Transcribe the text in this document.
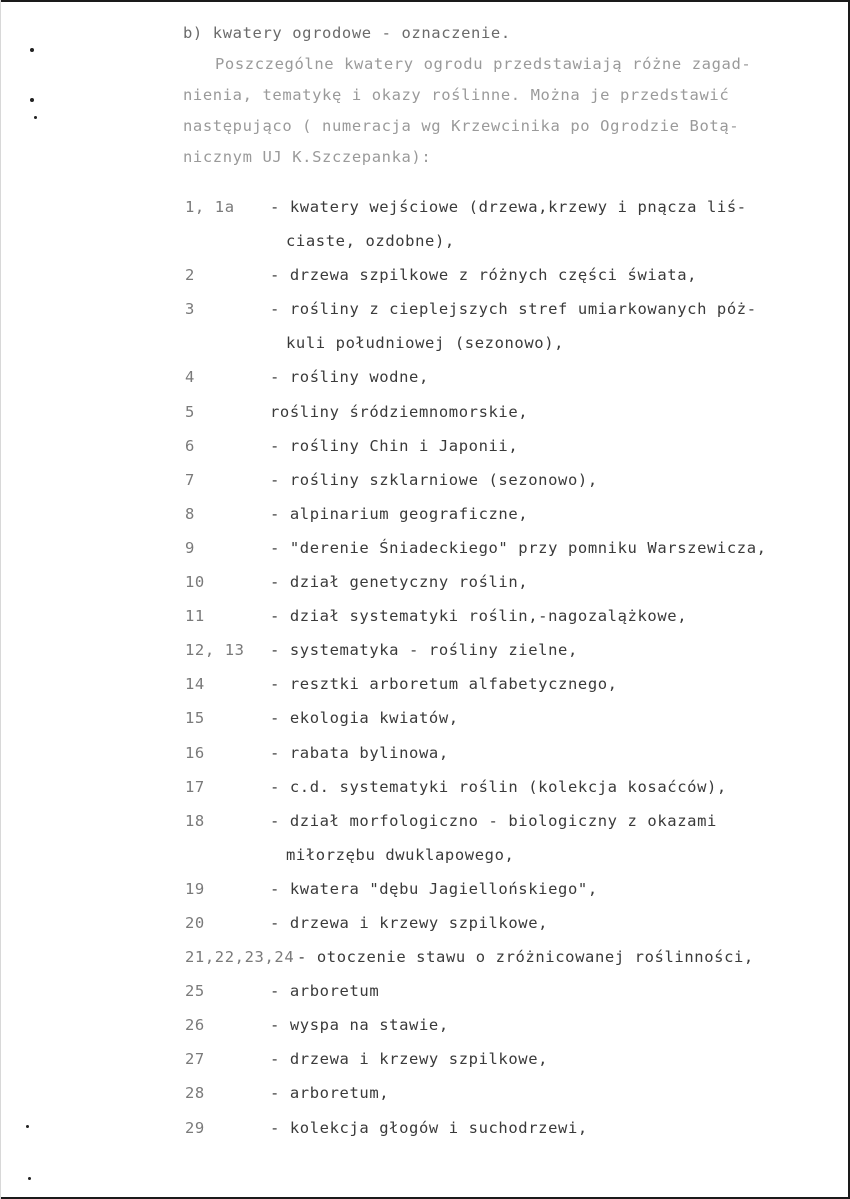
b) kwatery ogrodowe - oznaczenie.
Poszczególne kwatery ogrodu przedstawiają różne zagad-
nienia, tematykę i okazy roślinne. Można je przedstawić
następująco ( numeracja wg Krzewcinika po Ogrodzie Botą-
nicznym UJ K.Szczepanka):
1, 1a - kwatery wejściowe (drzewa,krzewy i pnącza liś-
ciaste, ozdobne),
2	- drzewa szpilkowe z różnych części świata,
3	- rośliny z cieplejszych stref umiarkowanych póż-
kuli południowej (sezonowo),
4	- rośliny wodne,
5	rośliny śródziemnomorskie,
6	- rośliny Chin i Japonii,
7	- rośliny szklarniowe (sezonowo),
8	- alpinarium geograficzne,
9	- "derenie Śniadeckiego" przy pomniku Warszewicza,
10	- dział genetyczny roślin,
11	- dział systematyki roślin,-nagozalążkowe,
12, 13 - systematyka - rośliny zielne,
14	- resztki arboretum alfabetycznego,
15	- ekologia kwiatów,
16	- rabata bylinowa,
17	- c.d. systematyki roślin (kolekcja kosaćców),
18	- dział morfologiczno - biologiczny z okazami
miłorzębu dwuklapowego,
19	- kwatera "dębu Jagiellońskiego",
20	- drzewa i krzewy szpilkowe,
21,22,23,24 - otoczenie stawu o zróżnicowanej roślinności,
25	- arboretum
26	- wyspa na stawie,
27	- drzewa i krzewy szpilkowe,
28	- arboretum,
29	- kolekcja głogów i suchodrzewi,
